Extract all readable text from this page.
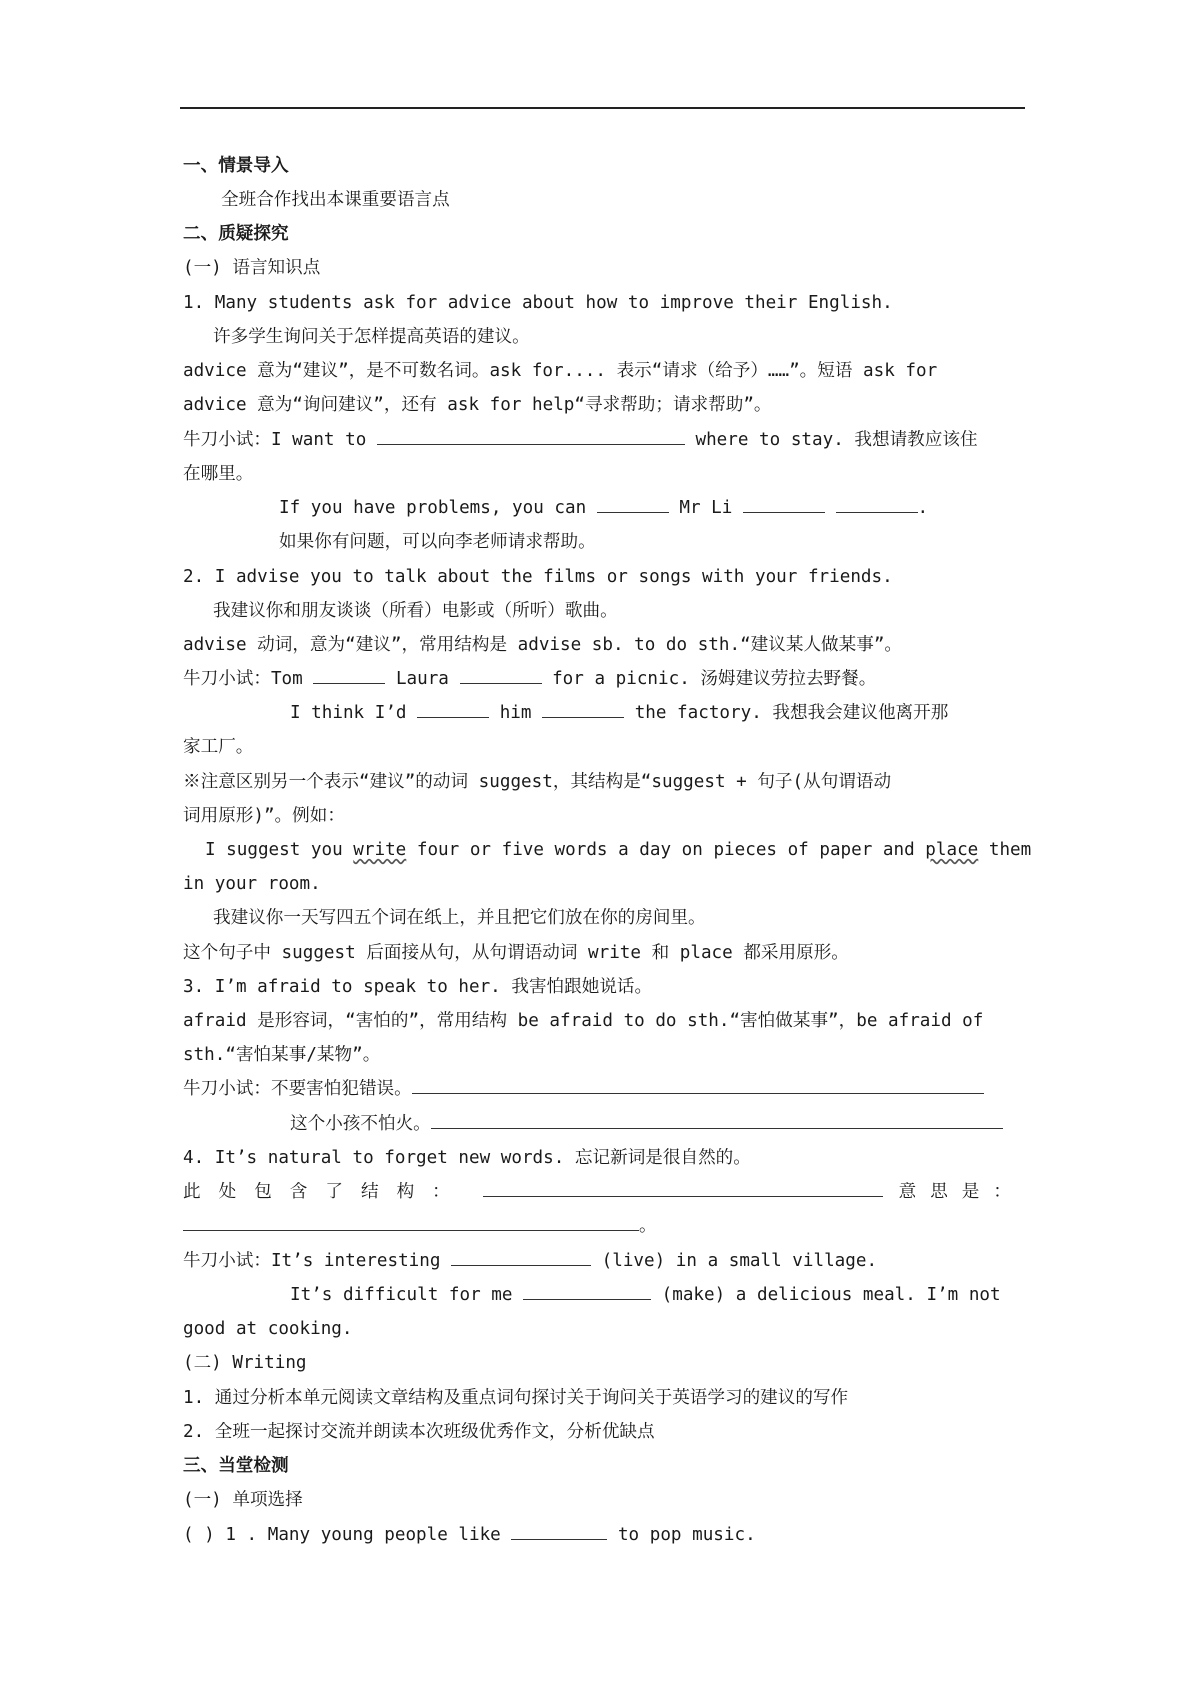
一、情景导入
全班合作找出本课重要语言点
二、质疑探究
(一) 语言知识点
1. Many students ask for advice about how to improve their English.
许多学生询问关于怎样提高英语的建议。
advice 意为“建议”，是不可数名词。ask for.... 表示“请求（给予）……”。短语 ask for
advice 意为“询问建议”，还有 ask for help“寻求帮助；请求帮助”。
牛刀小试：I want to	where to stay. 我想请教应该住
在哪里。
If you have problems, you can	Mr Li	.
如果你有问题，可以向李老师请求帮助。
2. I advise you to talk about the films or songs with your friends.
我建议你和朋友谈谈（所看）电影或（所听）歌曲。
advise 动词，意为“建议”，常用结构是 advise sb. to do sth.“建议某人做某事”。
牛刀小试：Tom	Laura	for a picnic. 汤姆建议劳拉去野餐。
I think I’d	him	the factory. 我想我会建议他离开那
家工厂。
※注意区别另一个表示“建议”的动词 suggest，其结构是“suggest + 句子(从句谓语动
词用原形)”。例如：
I suggest you write four or five words a day on pieces of paper and place them
in your room.
我建议你一天写四五个词在纸上，并且把它们放在你的房间里。
这个句子中 suggest 后面接从句，从句谓语动词 write 和 place 都采用原形。
3. I’m afraid to speak to her. 我害怕跟她说话。
afraid 是形容词，“害怕的”，常用结构 be afraid to do sth.“害怕做某事”，be afraid of
sth.“害怕某事/某物”。
牛刀小试：不要害怕犯错误。
这个小孩不怕火。
4. It’s natural to forget new words. 忘记新词是很自然的。
此处包含了结构：	意思是：
。
牛刀小试：It’s interesting	(live) in a small village.
It’s difficult for me	(make) a delicious meal. I’m not
good at cooking.
(二) Writing
1. 通过分析本单元阅读文章结构及重点词句探讨关于询问关于英语学习的建议的写作
2. 全班一起探讨交流并朗读本次班级优秀作文，分析优缺点
三、当堂检测
(一) 单项选择
( ) 1 . Many young people like	to pop music.
